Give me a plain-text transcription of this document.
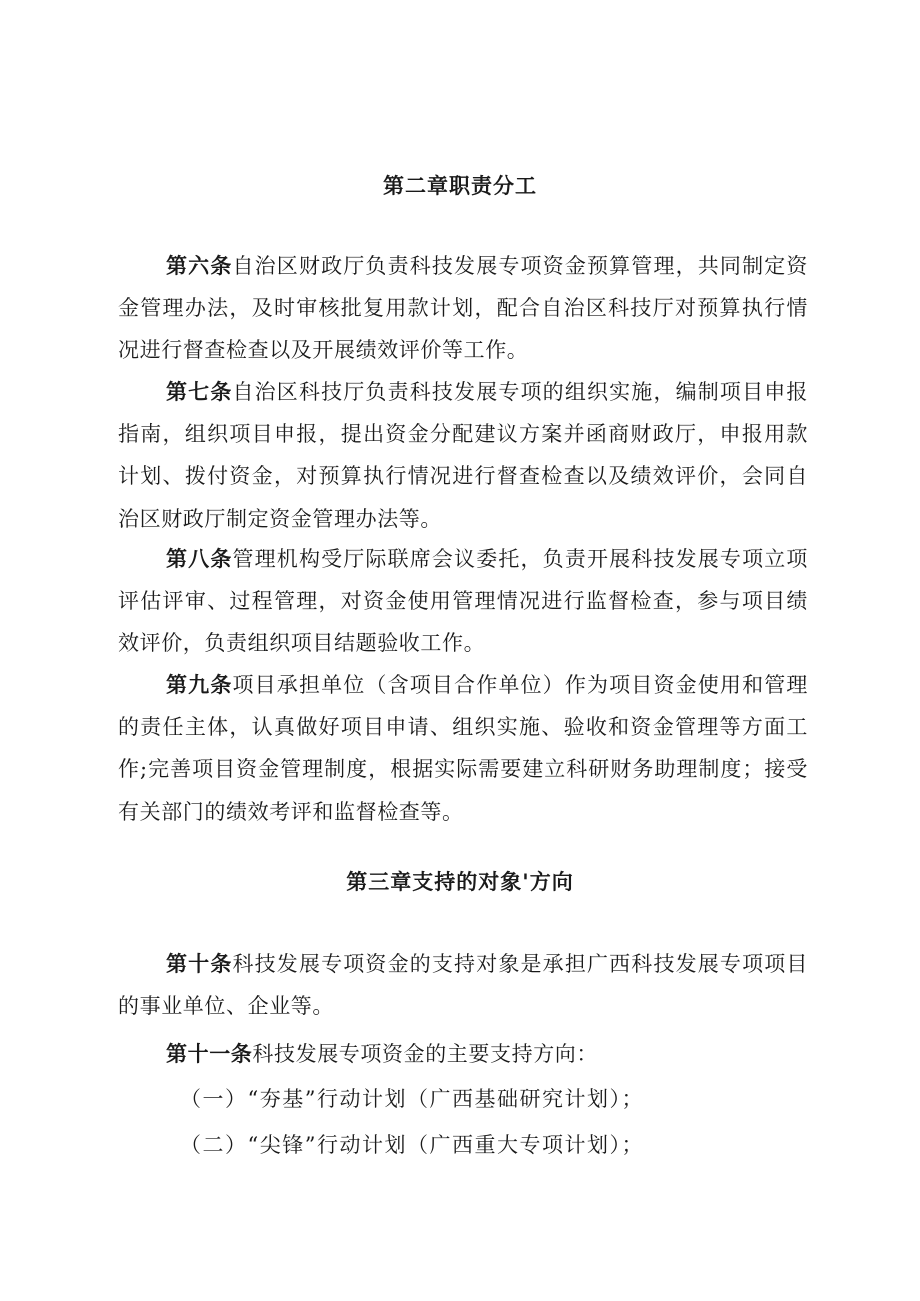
第二章职责分工

第六条自治区财政厅负责科技发展专项资金预算管理，共同制定资金管理办法，及时审核批复用款计划，配合自治区科技厅对预算执行情况进行督查检查以及开展绩效评价等工作。

第七条自治区科技厅负责科技发展专项的组织实施，编制项目申报指南，组织项目申报，提出资金分配建议方案并函商财政厅，申报用款计划、拨付资金，对预算执行情况进行督查检查以及绩效评价，会同自治区财政厅制定资金管理办法等。

第八条管理机构受厅际联席会议委托，负责开展科技发展专项立项评估评审、过程管理，对资金使用管理情况进行监督检查，参与项目绩效评价，负责组织项目结题验收工作。

第九条项目承担单位（含项目合作单位）作为项目资金使用和管理的责任主体，认真做好项目申请、组织实施、验收和资金管理等方面工作;完善项目资金管理制度，根据实际需要建立科研财务助理制度；接受有关部门的绩效考评和监督检查等。

第三章支持的对象'方向

第十条科技发展专项资金的支持对象是承担广西科技发展专项项目的事业单位、企业等。

第十一条科技发展专项资金的主要支持方向：

（一）“夯基”行动计划（广西基础研究计划）；
（二）“尖锋”行动计划（广西重大专项计划）；
